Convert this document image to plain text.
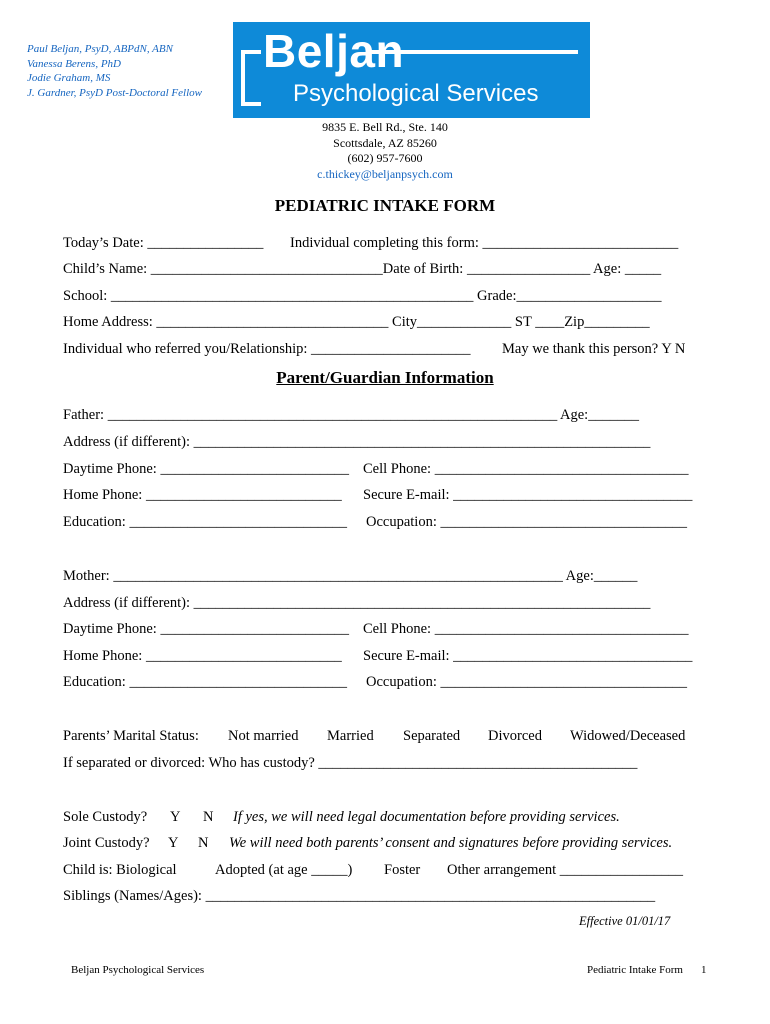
Paul Beljan, PsyD, ABPdN, ABN
Vanessa Berens, PhD
Jodie Graham, MS
J. Gardner, PsyD Post-Doctoral Fellow
Beljan
Psychological Services
9835 E. Bell Rd., Ste. 140
Scottsdale, AZ 85260
(602) 957-7600
c.thickey@beljanpsych.com
PEDIATRIC INTAKE FORM
Today’s Date: ________________ Individual completing this form: ___________________________
Child’s Name: ________________________________Date of Birth: _________________ Age: _____
School: __________________________________________________ Grade:____________________
Home Address: ________________________________ City_____________ ST ____Zip_________
Individual who referred you/Relationship: ______________________ May we thank this person? Y N
Parent/Guardian Information
Father: ______________________________________________________________ Age:_______
Address (if different): _______________________________________________________________
Daytime Phone: __________________________ Cell Phone: ___________________________________
Home Phone: ___________________________ Secure E-mail: _________________________________
Education: ______________________________ Occupation: __________________________________
Mother: ______________________________________________________________ Age:______
Address (if different): _______________________________________________________________
Daytime Phone: __________________________ Cell Phone: ___________________________________
Home Phone: ___________________________ Secure E-mail: _________________________________
Education: ______________________________ Occupation: __________________________________
Parents’ Marital Status: Not married Married Separated Divorced Widowed/Deceased
If separated or divorced: Who has custody? ____________________________________________
Sole Custody? Y N If yes, we will need legal documentation before providing services.
Joint Custody? Y N We will need both parents’ consent and signatures before providing services.
Child is: Biological	Adopted (at age _____) Foster Other arrangement _________________
Siblings (Names/Ages): ______________________________________________________________
Effective 01/01/17
Beljan Psychological Services	Pediatric Intake Form 1
